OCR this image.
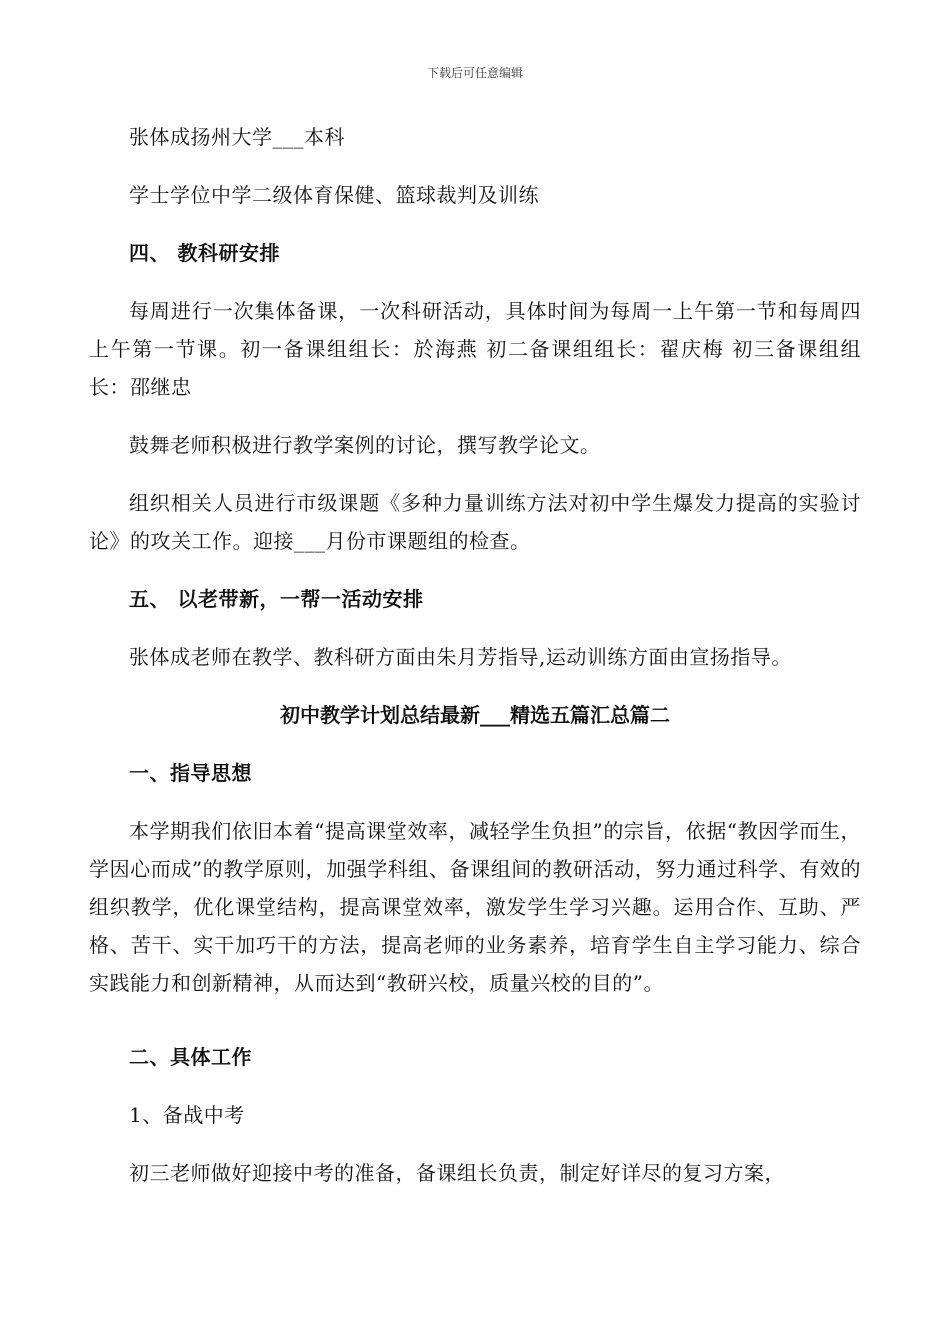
下载后可任意编辑

张体成扬州大学___本科

学士学位中学二级体育保健、篮球裁判及训练

四、 教科研安排

每周进行一次集体备课，一次科研活动，具体时间为每周一上午第一节和每周四上午第一节课。初一备课组组长：於海燕 初二备课组组长：翟庆梅 初三备课组组长：邵继忠

鼓舞老师积极进行教学案例的讨论，撰写教学论文。

组织相关人员进行市级课题《多种力量训练方法对初中学生爆发力提高的实验讨论》的攻关工作。迎接___月份市课题组的检查。

五、 以老带新，一帮一活动安排

张体成老师在教学、教科研方面由朱月芳指导,运动训练方面由宣扬指导。

初中教学计划总结最新___精选五篇汇总篇二

一、指导思想

本学期我们依旧本着“提高课堂效率，减轻学生负担”的宗旨，依据“教因学而生，学因心而成”的教学原则，加强学科组、备课组间的教研活动，努力通过科学、有效的组织教学，优化课堂结构，提高课堂效率，激发学生学习兴趣。运用合作、互助、严格、苦干、实干加巧干的方法，提高老师的业务素养，培育学生自主学习能力、综合实践能力和创新精神，从而达到“教研兴校，质量兴校的目的”。

二、具体工作

1、备战中考

初三老师做好迎接中考的准备，备课组长负责，制定好详尽的复习方案，
